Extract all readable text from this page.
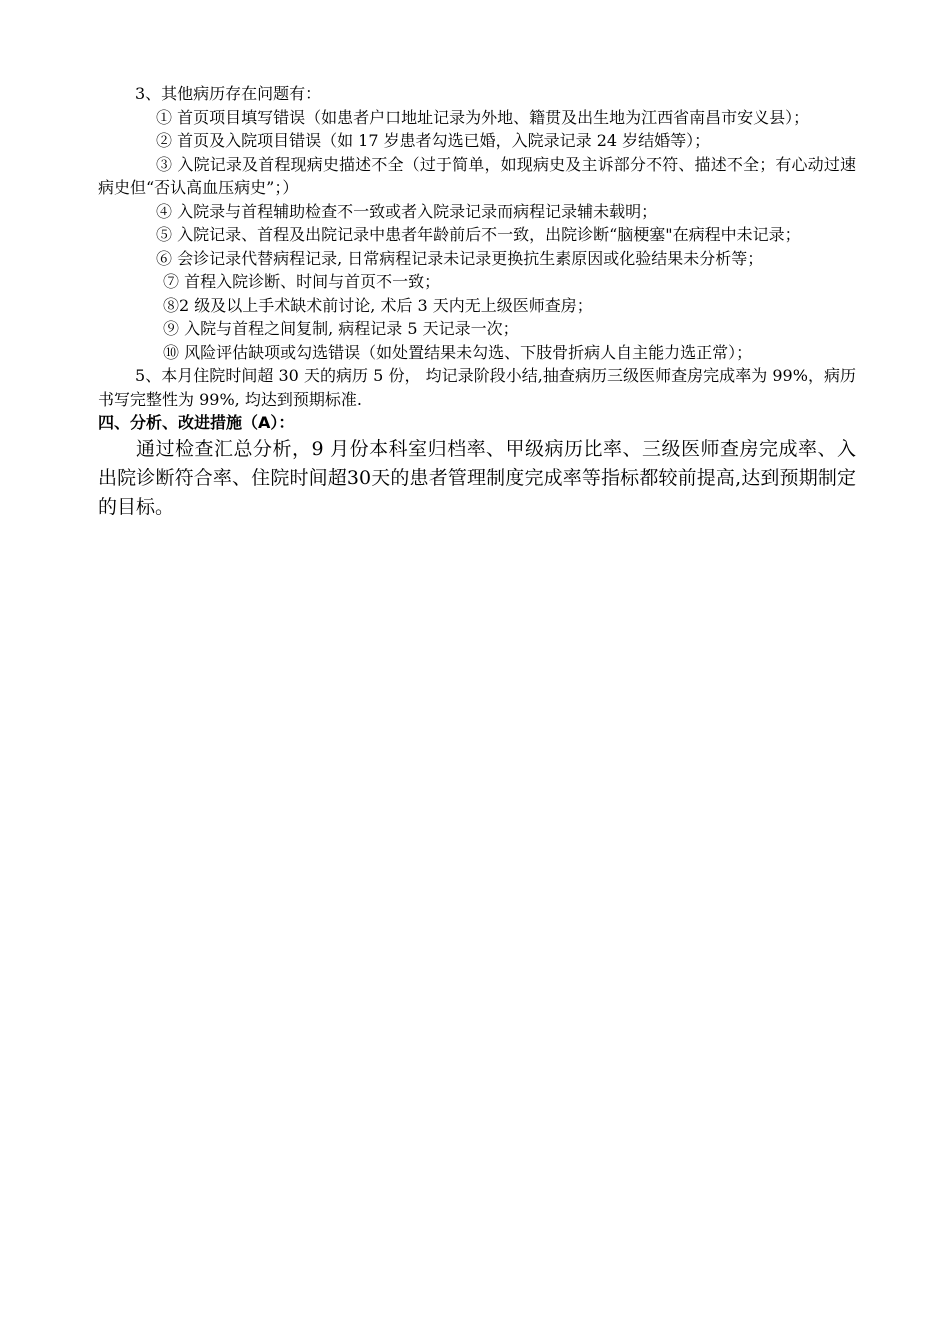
3、其他病历存在问题有：

① 首页项目填写错误（如患者户口地址记录为外地、籍贯及出生地为江西省南昌市安义县）；

② 首页及入院项目错误（如 17 岁患者勾选已婚，入院录记录 24 岁结婚等）；

③ 入院记录及首程现病史描述不全（过于简单，如现病史及主诉部分不符、描述不全；有心动过速病史但“否认高血压病史”；）

④ 入院录与首程辅助检查不一致或者入院录记录而病程记录辅未载明；

⑤ 入院记录、首程及出院记录中患者年龄前后不一致，出院诊断“脑梗塞"在病程中未记录；

⑥ 会诊记录代替病程记录, 日常病程记录未记录更换抗生素原因或化验结果未分析等；

⑦ 首程入院诊断、时间与首页不一致；

⑧2 级及以上手术缺术前讨论, 术后 3 天内无上级医师查房；

⑨ 入院与首程之间复制, 病程记录 5 天记录一次；

⑩ 风险评估缺项或勾选错误（如处置结果未勾选、下肢骨折病人自主能力选正常）；

5、本月住院时间超 30 天的病历 5 份， 均记录阶段小结,抽查病历三级医师查房完成率为 99%，病历书写完整性为 99%, 均达到预期标准.

四、分析、改进措施（A）：

通过检查汇总分析，9 月份本科室归档率、甲级病历比率、三级医师查房完成率、入出院诊断符合率、住院时间超30天的患者管理制度完成率等指标都较前提高,达到预期制定的目标。
